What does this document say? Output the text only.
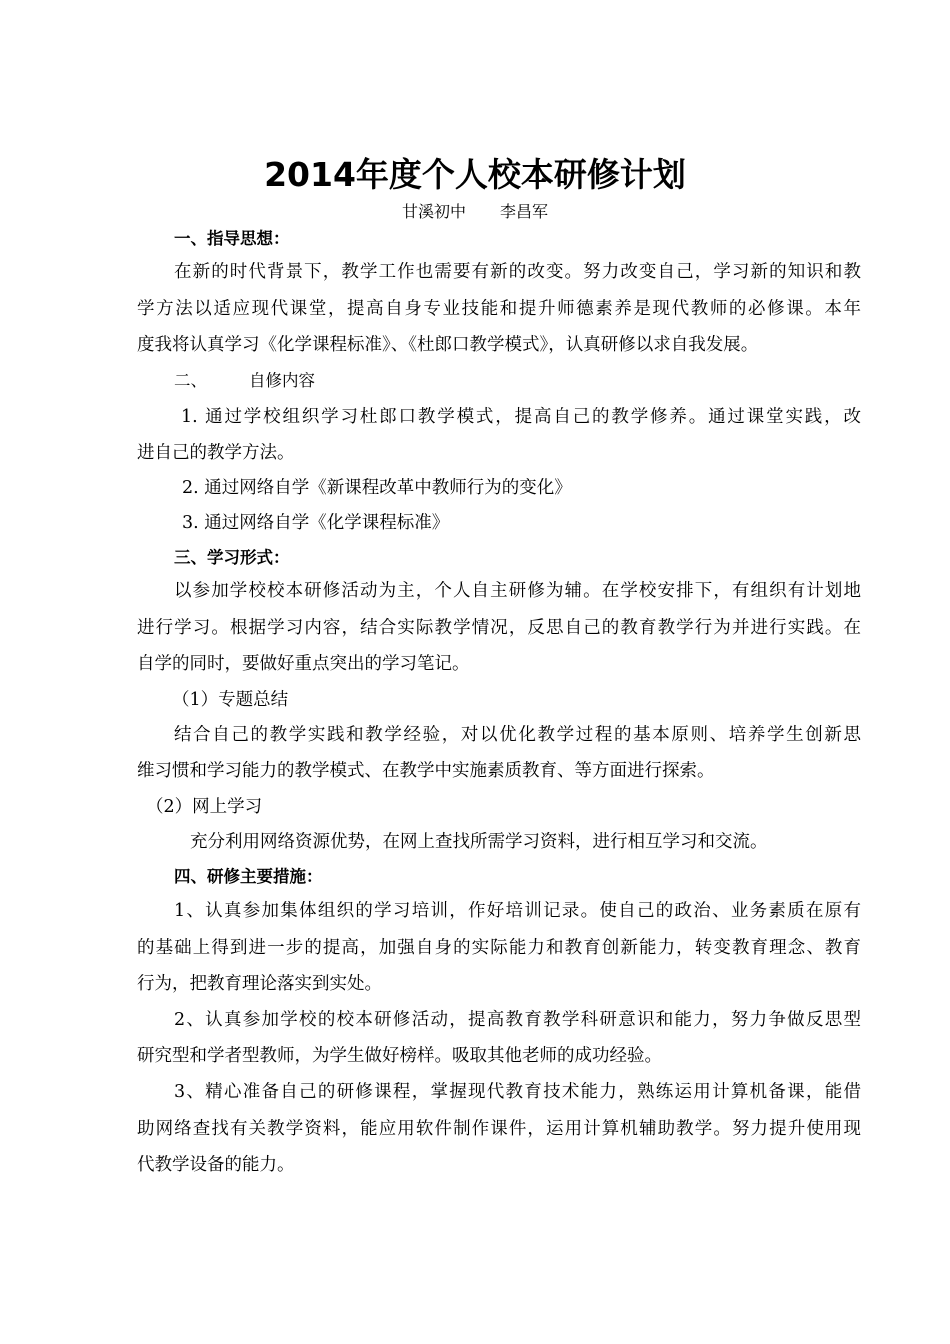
2014年度个人校本研修计划
甘溪初中 李昌军
一、指导思想：
在新的时代背景下，教学工作也需要有新的改变。努力改变自己，学习新的知识和教
学方法以适应现代课堂，提高自身专业技能和提升师德素养是现代教师的必修课。本年
度我将认真学习《化学课程标准》、《杜郎口教学模式》，认真研修以求自我发展。
二、	自修内容
1. 通过学校组织学习杜郎口教学模式，提高自己的教学修养。通过课堂实践，改
进自己的教学方法。
2. 通过网络自学《新课程改革中教师行为的变化》
3. 通过网络自学《化学课程标准》
三、学习形式：
以参加学校校本研修活动为主，个人自主研修为辅。在学校安排下，有组织有计划地
进行学习。根据学习内容，结合实际教学情况，反思自己的教育教学行为并进行实践。在
自学的同时，要做好重点突出的学习笔记。
（1）专题总结
结合自己的教学实践和教学经验，对以优化教学过程的基本原则、培养学生创新思
维习惯和学习能力的教学模式、在教学中实施素质教育、等方面进行探索。
（2）网上学习
充分利用网络资源优势，在网上查找所需学习资料，进行相互学习和交流。
四、研修主要措施：
1、认真参加集体组织的学习培训，作好培训记录。使自己的政治、业务素质在原有
的基础上得到进一步的提高，加强自身的实际能力和教育创新能力，转变教育理念、教育
行为，把教育理论落实到实处。
2、认真参加学校的校本研修活动，提高教育教学科研意识和能力，努力争做反思型
研究型和学者型教师，为学生做好榜样。吸取其他老师的成功经验。
3、精心准备自己的研修课程，掌握现代教育技术能力，熟练运用计算机备课，能借
助网络查找有关教学资料，能应用软件制作课件，运用计算机辅助教学。努力提升使用现
代教学设备的能力。
